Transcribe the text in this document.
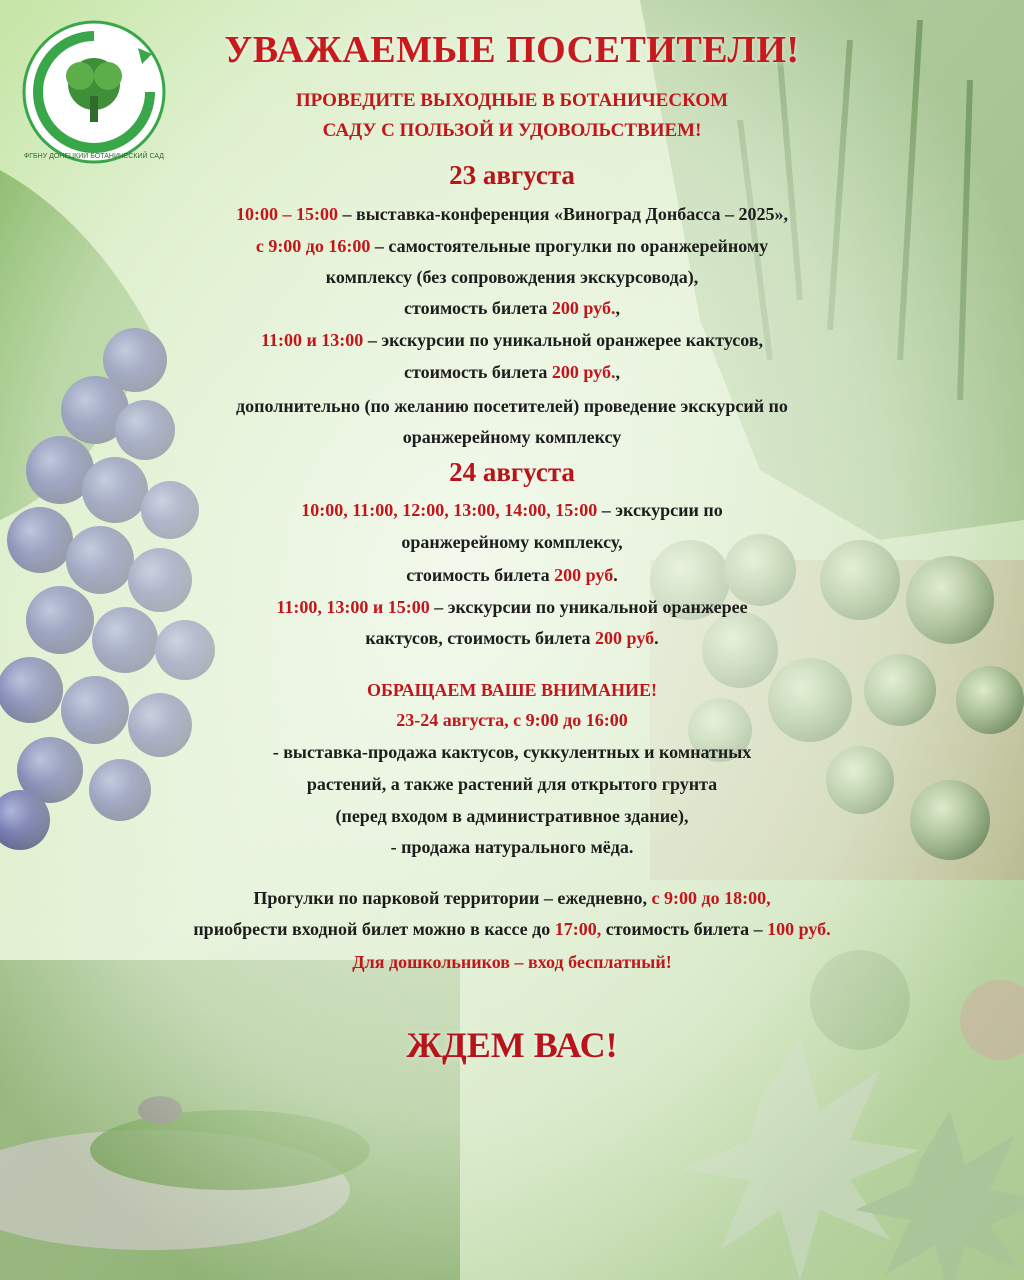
ФГБНУ ДОНЕЦКИЙ БОТАНИЧЕСКИЙ САД
УВАЖАЕМЫЕ ПОСЕТИТЕЛИ!
ПРОВЕДИТЕ ВЫХОДНЫЕ В БОТАНИЧЕСКОМ
САДУ С ПОЛЬЗОЙ И УДОВОЛЬСТВИЕМ!
23 августа
10:00 – 15:00 – выставка-конференция «Виноград Донбасса – 2025»,
с 9:00 до 16:00 – самостоятельные прогулки по оранжерейному
комплексу (без сопровождения экскурсовода),
стоимость билета 200 руб.,
11:00 и 13:00 – экскурсии по уникальной оранжерее кактусов,
стоимость билета 200 руб.,
дополнительно (по желанию посетителей) проведение экскурсий по
оранжерейному комплексу
24 августа
10:00, 11:00, 12:00, 13:00, 14:00, 15:00 – экскурсии по
оранжерейному комплексу,
стоимость билета 200 руб.
11:00, 13:00 и 15:00 – экскурсии по уникальной оранжерее
кактусов, стоимость билета 200 руб.
ОБРАЩАЕМ ВАШЕ ВНИМАНИЕ!
23-24 августа, с 9:00 до 16:00
- выставка-продажа кактусов, суккулентных и комнатных
растений, а также растений для открытого грунта
(перед входом в административное здание),
- продажа натурального мёда.
Прогулки по парковой территории – ежедневно, с 9:00 до 18:00,
приобрести входной билет можно в кассе до 17:00, стоимость билета – 100 руб.
Для дошкольников – вход бесплатный!
ЖДЕМ ВАС!
